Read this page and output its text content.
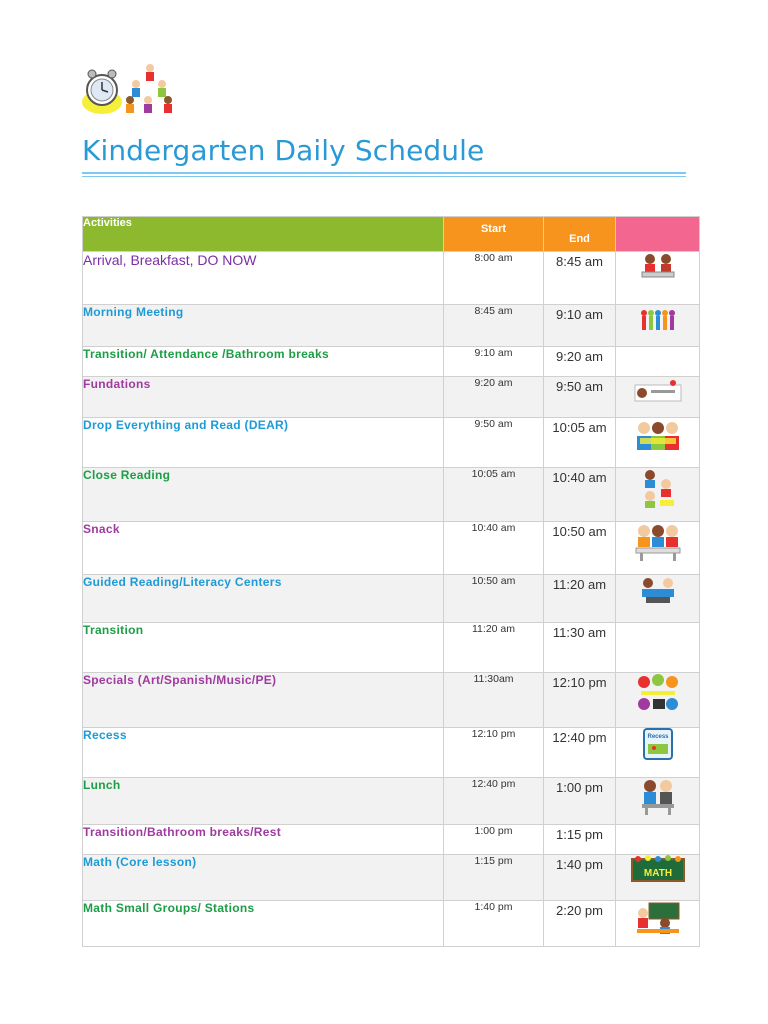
Kindergarten Daily Schedule
Activities	Start	End	

Arrival, Breakfast, DO NOW	8:00 am	8:45 am	
Morning Meeting	8:45 am	9:10 am	
Transition/ Attendance /Bathroom breaks	9:10 am	9:20 am	
Fundations	9:20 am	9:50 am	
Drop Everything and Read (DEAR)	9:50 am	10:05 am	
Close Reading	10:05 am	10:40 am	
Snack	10:40 am	10:50 am	
Guided Reading/Literacy Centers	10:50 am	11:20 am	
Transition	11:20 am	11:30 am	
Specials (Art/Spanish/Music/PE)	11:30am	12:10 pm	
Recess	12:10 pm	12:40 pm	Recess

Lunch	12:40 pm	1:00 pm	
Transition/Bathroom breaks/Rest	1:00 pm	1:15 pm	
Math (Core lesson)	1:15 pm	1:40 pm	MATH

Math Small Groups/ Stations	1:40 pm	2:20 pm	
